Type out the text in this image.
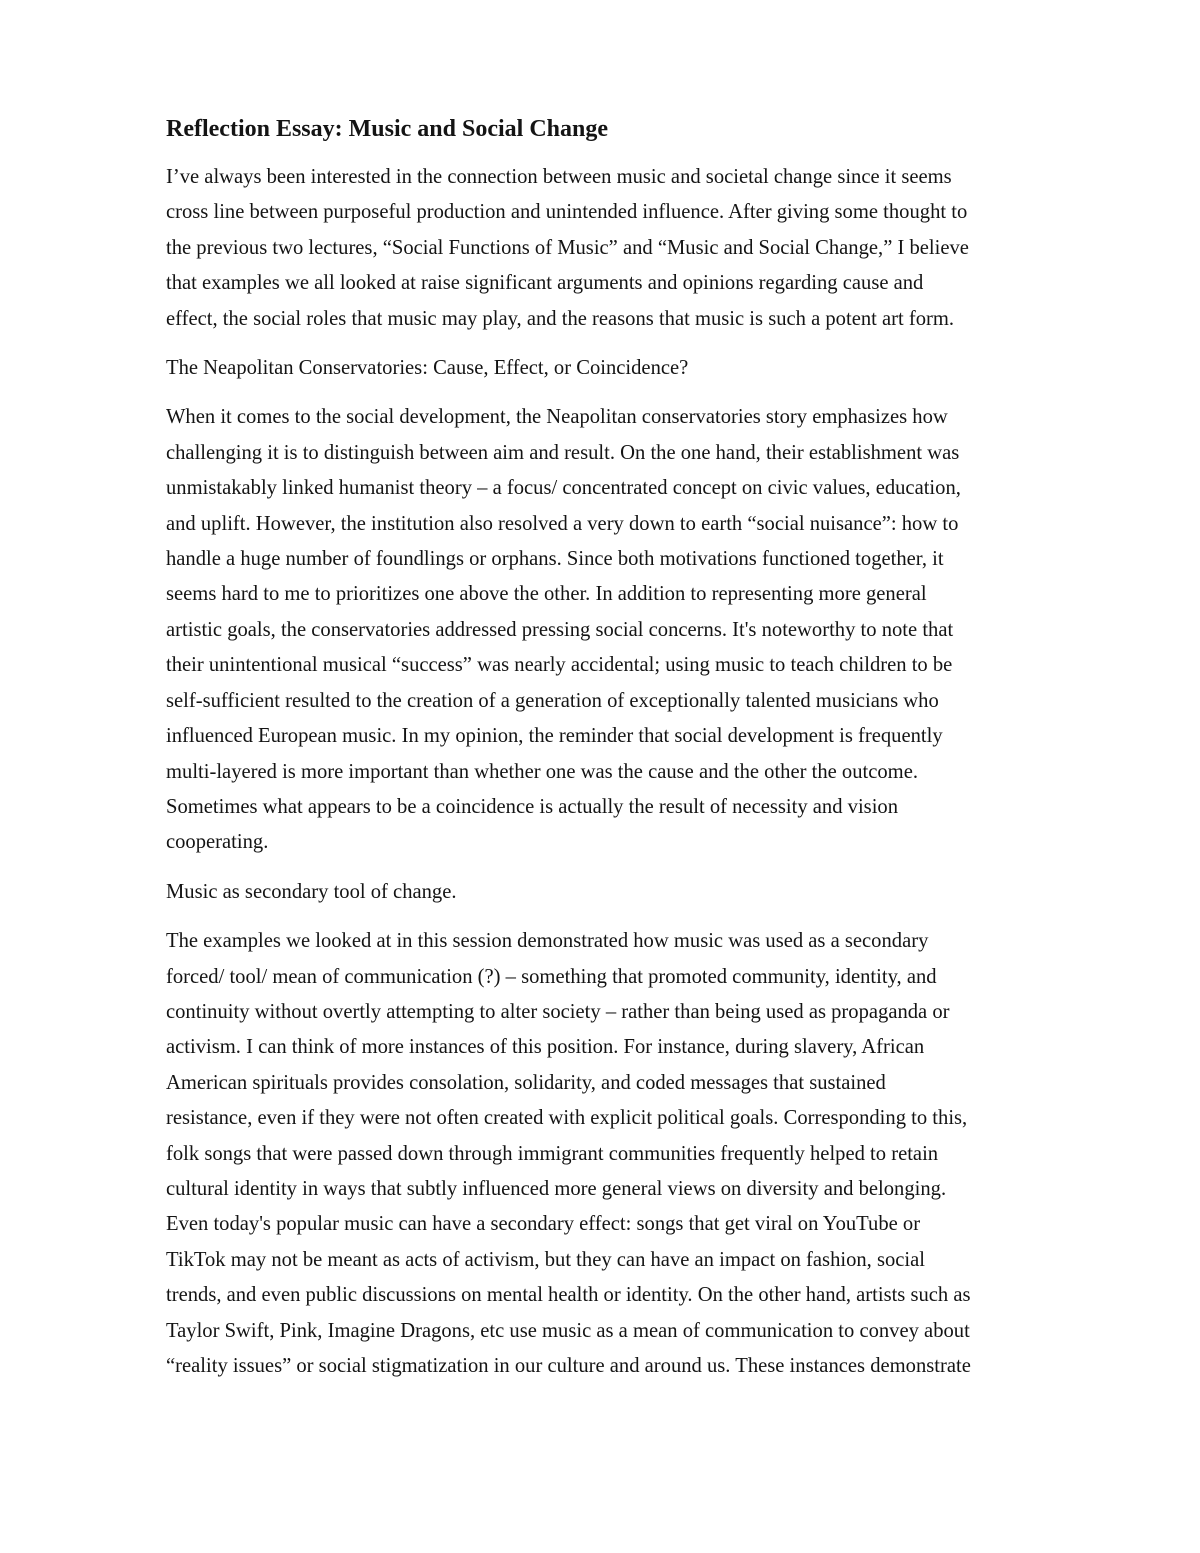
Reflection Essay: Music and Social Change

I’ve always been interested in the connection between music and societal change since it seems
cross line between purposeful production and unintended influence. After giving some thought to
the previous two lectures, “Social Functions of Music” and “Music and Social Change,” I believe
that examples we all looked at raise significant arguments and opinions regarding cause and
effect, the social roles that music may play, and the reasons that music is such a potent art form.

The Neapolitan Conservatories: Cause, Effect, or Coincidence?

When it comes to the social development, the Neapolitan conservatories story emphasizes how
challenging it is to distinguish between aim and result. On the one hand, their establishment was
unmistakably linked humanist theory – a focus/ concentrated concept on civic values, education,
and uplift. However, the institution also resolved a very down to earth “social nuisance”: how to
handle a huge number of foundlings or orphans. Since both motivations functioned together, it
seems hard to me to prioritizes one above the other. In addition to representing more general
artistic goals, the conservatories addressed pressing social concerns. It's noteworthy to note that
their unintentional musical “success” was nearly accidental; using music to teach children to be
self-sufficient resulted to the creation of a generation of exceptionally talented musicians who
influenced European music. In my opinion, the reminder that social development is frequently
multi-layered is more important than whether one was the cause and the other the outcome.
Sometimes what appears to be a coincidence is actually the result of necessity and vision
cooperating.

Music as secondary tool of change.

The examples we looked at in this session demonstrated how music was used as a secondary
forced/ tool/ mean of communication (?) – something that promoted community, identity, and
continuity without overtly attempting to alter society – rather than being used as propaganda or
activism. I can think of more instances of this position. For instance, during slavery, African
American spirituals provides consolation, solidarity, and coded messages that sustained
resistance, even if they were not often created with explicit political goals. Corresponding to this,
folk songs that were passed down through immigrant communities frequently helped to retain
cultural identity in ways that subtly influenced more general views on diversity and belonging.
Even today's popular music can have a secondary effect: songs that get viral on YouTube or
TikTok may not be meant as acts of activism, but they can have an impact on fashion, social
trends, and even public discussions on mental health or identity. On the other hand, artists such as
Taylor Swift, Pink, Imagine Dragons, etc use music as a mean of communication to convey about
“reality issues” or social stigmatization in our culture and around us. These instances demonstrate
